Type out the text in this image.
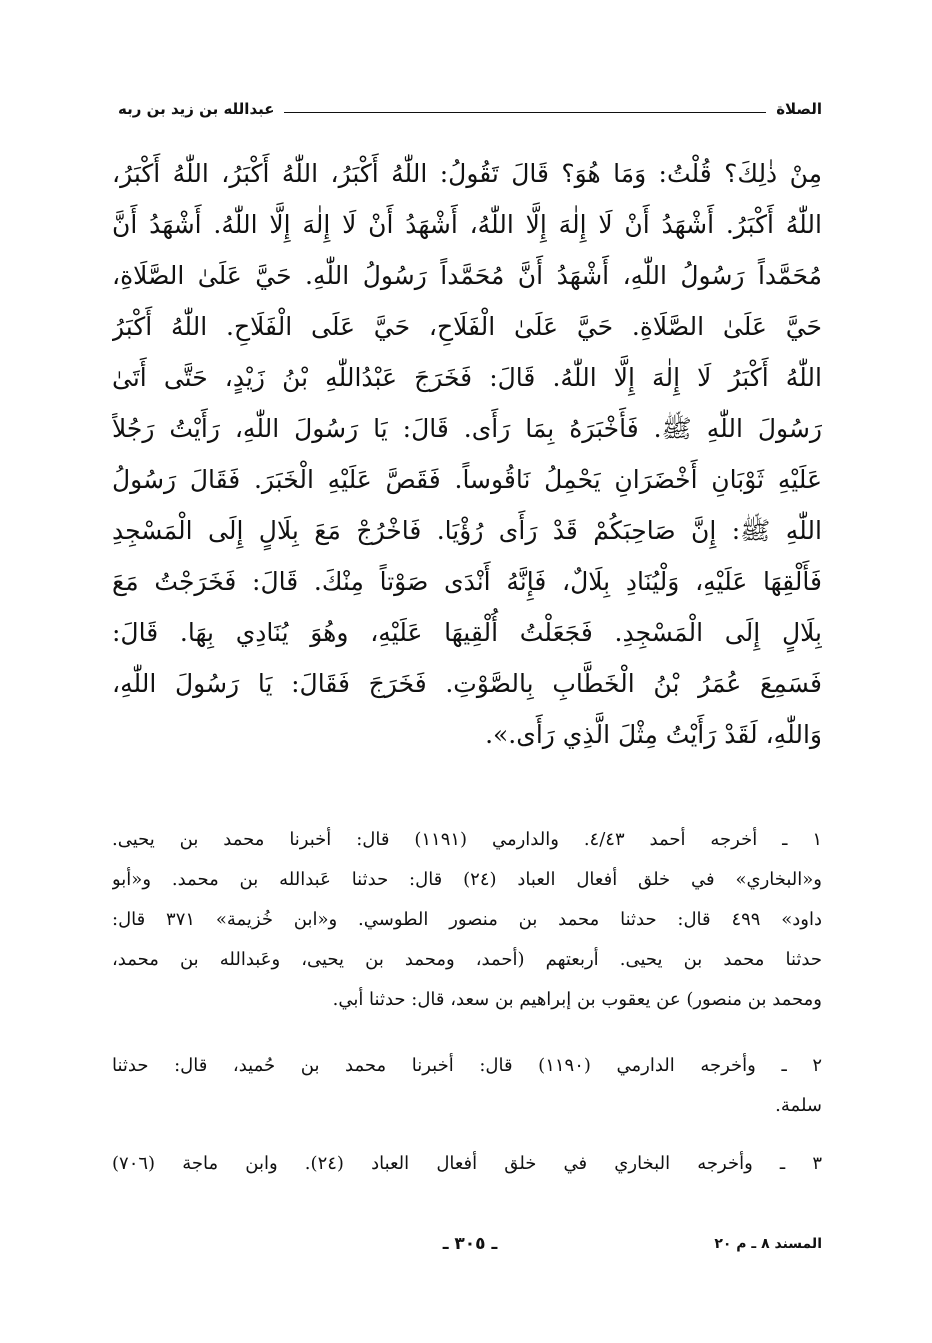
الصلاة
عبدالله بن زيد بن ربه
مِنْ ذٰلِكَ؟ قُلْتُ: وَمَا هُوَ؟ قَالَ تَقُولُ: اللّٰهُ أَكْبَرُ، اللّٰهُ أَكْبَرُ، اللّٰهُ أَكْبَرُ،
اللّٰهُ أَكْبَرُ. أَشْهَدُ أَنْ لَا إِلٰهَ إِلَّا اللّٰهُ، أَشْهَدُ أَنْ لَا إِلٰهَ إِلَّا اللّٰهُ. أَشْهَدُ أَنَّ
مُحَمَّداً رَسُولُ اللّٰهِ، أَشْهَدُ أَنَّ مُحَمَّداً رَسُولُ اللّٰهِ. حَيَّ عَلَىٰ الصَّلَاةِ،
حَيَّ عَلَىٰ الصَّلَاةِ. حَيَّ عَلَىٰ الْفَلَاحِ، حَيَّ عَلَى الْفَلَاحِ. اللّٰهُ أَكْبَرُ
اللّٰهُ أَكْبَرُ لَا إِلٰهَ إِلَّا اللّٰهُ. قَالَ: فَخَرَجَ عَبْدُاللّٰهِ بْنُ زَيْدٍ، حَتَّى أَتَىٰ
رَسُولَ اللّٰهِ ﷺ. فَأَخْبَرَهُ بِمَا رَأَى. قَالَ: يَا رَسُولَ اللّٰهِ، رَأَيْتُ رَجُلاً
عَلَيْهِ ثَوْبَانِ أَخْضَرَانِ يَحْمِلُ نَاقُوساً. فَقَصَّ عَلَيْهِ الْخَبَرَ. فَقَالَ رَسُولُ
اللّٰهِ ﷺ: إِنَّ صَاحِبَكُمْ قَدْ رَأَى رُؤْيَا. فَاخْرُجْ مَعَ بِلَالٍ إِلَى الْمَسْجِدِ
فَأَلْقِهَا عَلَيْهِ، وَلْيُنَادِ بِلَالٌ، فَإِنَّهُ أَنْدَى صَوْتاً مِنْكَ. قَالَ: فَخَرَجْتُ مَعَ
بِلَالٍ إِلَى الْمَسْجِدِ. فَجَعَلْتُ أُلْقِيهَا عَلَيْهِ، وهُوَ يُنَادِي بِهَا. قَالَ:
فَسَمِعَ عُمَرُ بْنُ الْخَطَّابِ بِالصَّوْتِ. فَخَرَجَ فَقَالَ: يَا رَسُولَ اللّٰهِ،
وَاللّٰهِ، لَقَدْ رَأَيْتُ مِثْلَ الَّذِي رَأَى.».
١ ـ أخرجه أحمد ٤/٤٣. والدارمي (١١٩١) قال: أخبرنا محمد بن يحيى.
و«البخاري» في خلق أفعال العباد (٢٤) قال: حدثنا عَبدالله بن محمد. و«أبو
داود» ٤٩٩ قال: حدثنا محمد بن منصور الطوسي. و«ابن خُزيمة» ٣٧١ قال:
حدثنا محمد بن يحيى. أربعتهم (أحمد، ومحمد بن يحيى، وعَبدالله بن محمد،
ومحمد بن منصور) عن يعقوب بن إبراهيم بن سعد، قال: حدثنا أبي.
٢ ـ وأخرجه الدارمي (١١٩٠) قال: أخبرنا محمد بن حُميد، قال: حدثنا
سلمة.
٣ ـ وأخرجه البخاري في خلق أفعال العباد (٢٤). وابن ماجة (٧٠٦)
المسند ٨ ـ م ٢٠
ـ ٣٠٥ ـ
